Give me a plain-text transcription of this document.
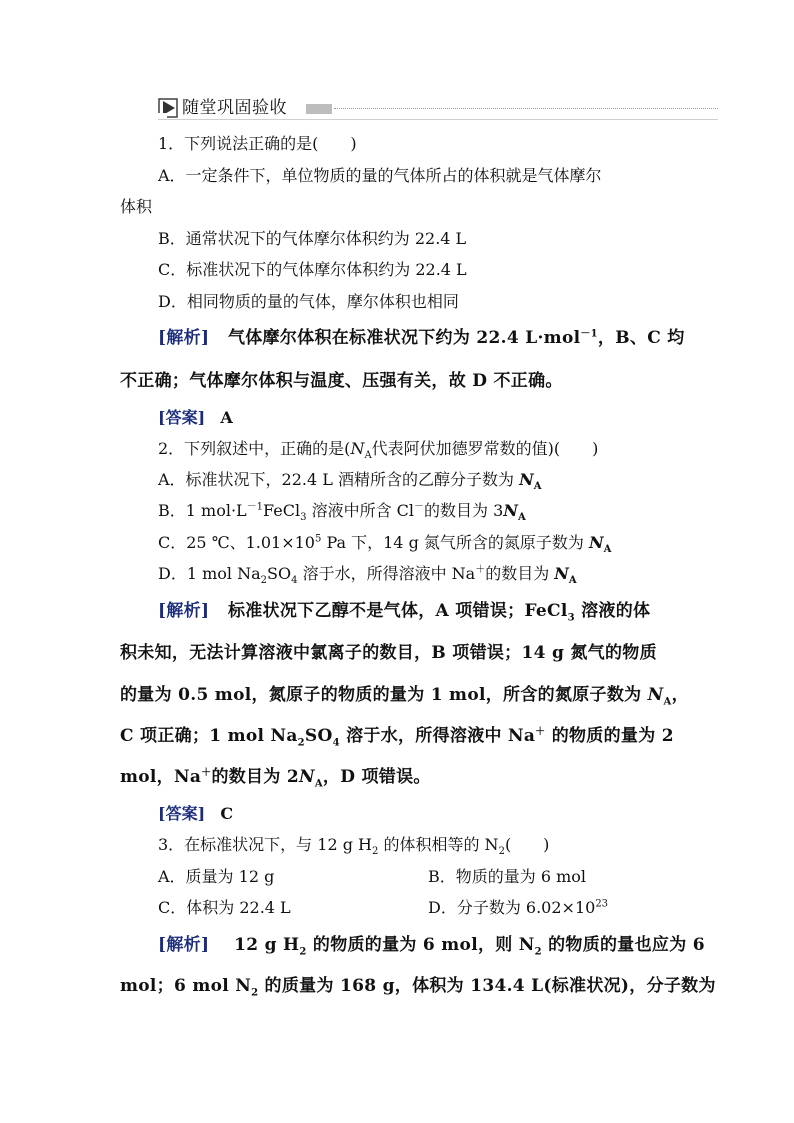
随堂巩固验收
1．下列说法正确的是(　　)
A．一定条件下，单位物质的量的气体所占的体积就是气体摩尔
体积
B．通常状况下的气体摩尔体积约为 22.4 L
C．标准状况下的气体摩尔体积约为 22.4 L
D．相同物质的量的气体，摩尔体积也相同
[解析] 气体摩尔体积在标准状况下约为 22.4 L·mol$^{-1}$，B、C 均
不正确；气体摩尔体积与温度、压强有关，故 D 不正确。
[答案] A
2．下列叙述中，正确的是($N_A$代表阿伏加德罗常数的值)(　　)
A．标准状况下，22.4 L 酒精所含的乙醇分子数为 $N_A$
B．1 $mol\cdot L^{-1}FeCl_3$ 溶液中所含 Cl－的数目为 $3N_A$
C．25 ℃、$1.01\times 10^5$ Pa 下，14 g 氮气所含的氮原子数为 $N_A$
D．1 mol $Na_2SO_4$ 溶于水，所得溶液中 Na＋的数目为 $N_A$
[解析] 标准状况下乙醇不是气体，A 项错误；FeCl$_3$ 溶液的体
积未知，无法计算溶液中氯离子的数目，B 项错误；14 g 氮气的物质
的量为 0.5 mol，氮原子的物质的量为 1 mol，所含的氮原子数为 $N_A$，
C 项正确；1 mol $Na_2SO_4$ 溶于水，所得溶液中 Na＋ 的物质的量为 2
mol，Na＋的数目为 $2N_A$，D 项错误。
[答案] C
3．在标准状况下，与 12 g $H_2$ 的体积相等的 $N_2$(　　)
A．质量为 12 g	B．物质的量为 6 mol
C．体积为 22.4 L	D．分子数为 $6.02\times 10^{23}$
[解析] 12 g $H_2$ 的物质的量为 6 mol，则 $N_2$ 的物质的量也应为 6
mol；6 mol $N_2$ 的质量为 168 g，体积为 134.4 L(标准状况)，分子数为
